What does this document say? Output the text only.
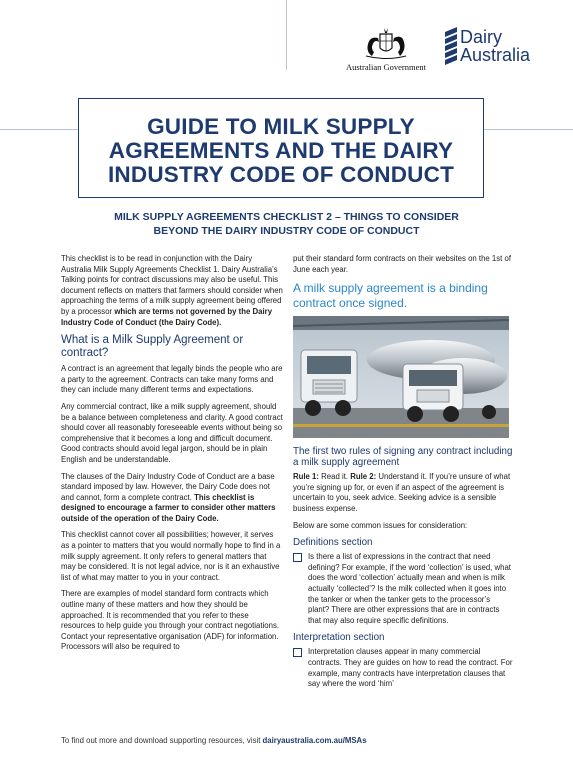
Australian Government
Dairy
Australia
GUIDE TO MILK SUPPLY
AGREEMENTS AND THE DAIRY
INDUSTRY CODE OF CONDUCT
MILK SUPPLY AGREEMENTS CHECKLIST 2 – THINGS TO CONSIDER
BEYOND THE DAIRY INDUSTRY CODE OF CONDUCT

This checklist is to be read in conjunction with the Dairy Australia Milk Supply Agreements Checklist 1. Dairy Australia’s Talking points for contract discussions may also be useful. This document reflects on matters that farmers should consider when approaching the terms of a milk supply agreement being offered by a processor which are terms not governed by the Dairy Industry Code of Conduct (the Dairy Code).

What is a Milk Supply Agreement or contract?

A contract is an agreement that legally binds the people who are a party to the agreement. Contracts can take many forms and they can include many different terms and expectations.

Any commercial contract, like a milk supply agreement, should be a balance between completeness and clarity. A good contract should cover all reasonably foreseeable events without being so comprehensive that it becomes a long and difficult document. Good contracts should avoid legal jargon, should be in plain English and be understandable.

The clauses of the Dairy Industry Code of Conduct are a base standard imposed by law. However, the Dairy Code does not and cannot, form a complete contract. This checklist is designed to encourage a farmer to consider other matters outside of the operation of the Dairy Code.

This checklist cannot cover all possibilities; however, it serves as a pointer to matters that you would normally hope to find in a milk supply agreement. It only refers to general matters that may be considered. It is not legal advice, nor is it an exhaustive list of what may matter to you in your contract.

There are examples of model standard form contracts which outline many of these matters and how they should be approached. It is recommended that you refer to these resources to help guide you through your contract negotiations. Contact your representative organisation (ADF) for information. Processors will also be required to

put their standard form contracts on their websites on the 1st of June each year.

A milk supply agreement is a binding contract once signed.
The first two rules of signing any contract including a milk supply agreement

Rule 1: Read it. Rule 2: Understand it. If you’re unsure of what you’re signing up for, or even if an aspect of the agreement is uncertain to you, seek advice. Seeking advice is a sensible business expense.

Below are some common issues for consideration:

Definitions section
Is there a list of expressions in the contract that need defining? For example, if the word ‘collection’ is used, what does the word ‘collection’ actually mean and when is milk actually ‘collected’? Is the milk collected when it goes into the tanker or when the tanker gets to the processor’s plant? There are other expressions that are in contracts that may also require specific definitions.
Interpretation section
Interpretation clauses appear in many commercial contracts. They are guides on how to read the contract. For example, many contracts have interpretation clauses that say where the word ‘him’
To find out more and download supporting resources, visit dairyaustralia.com.au/MSAs
